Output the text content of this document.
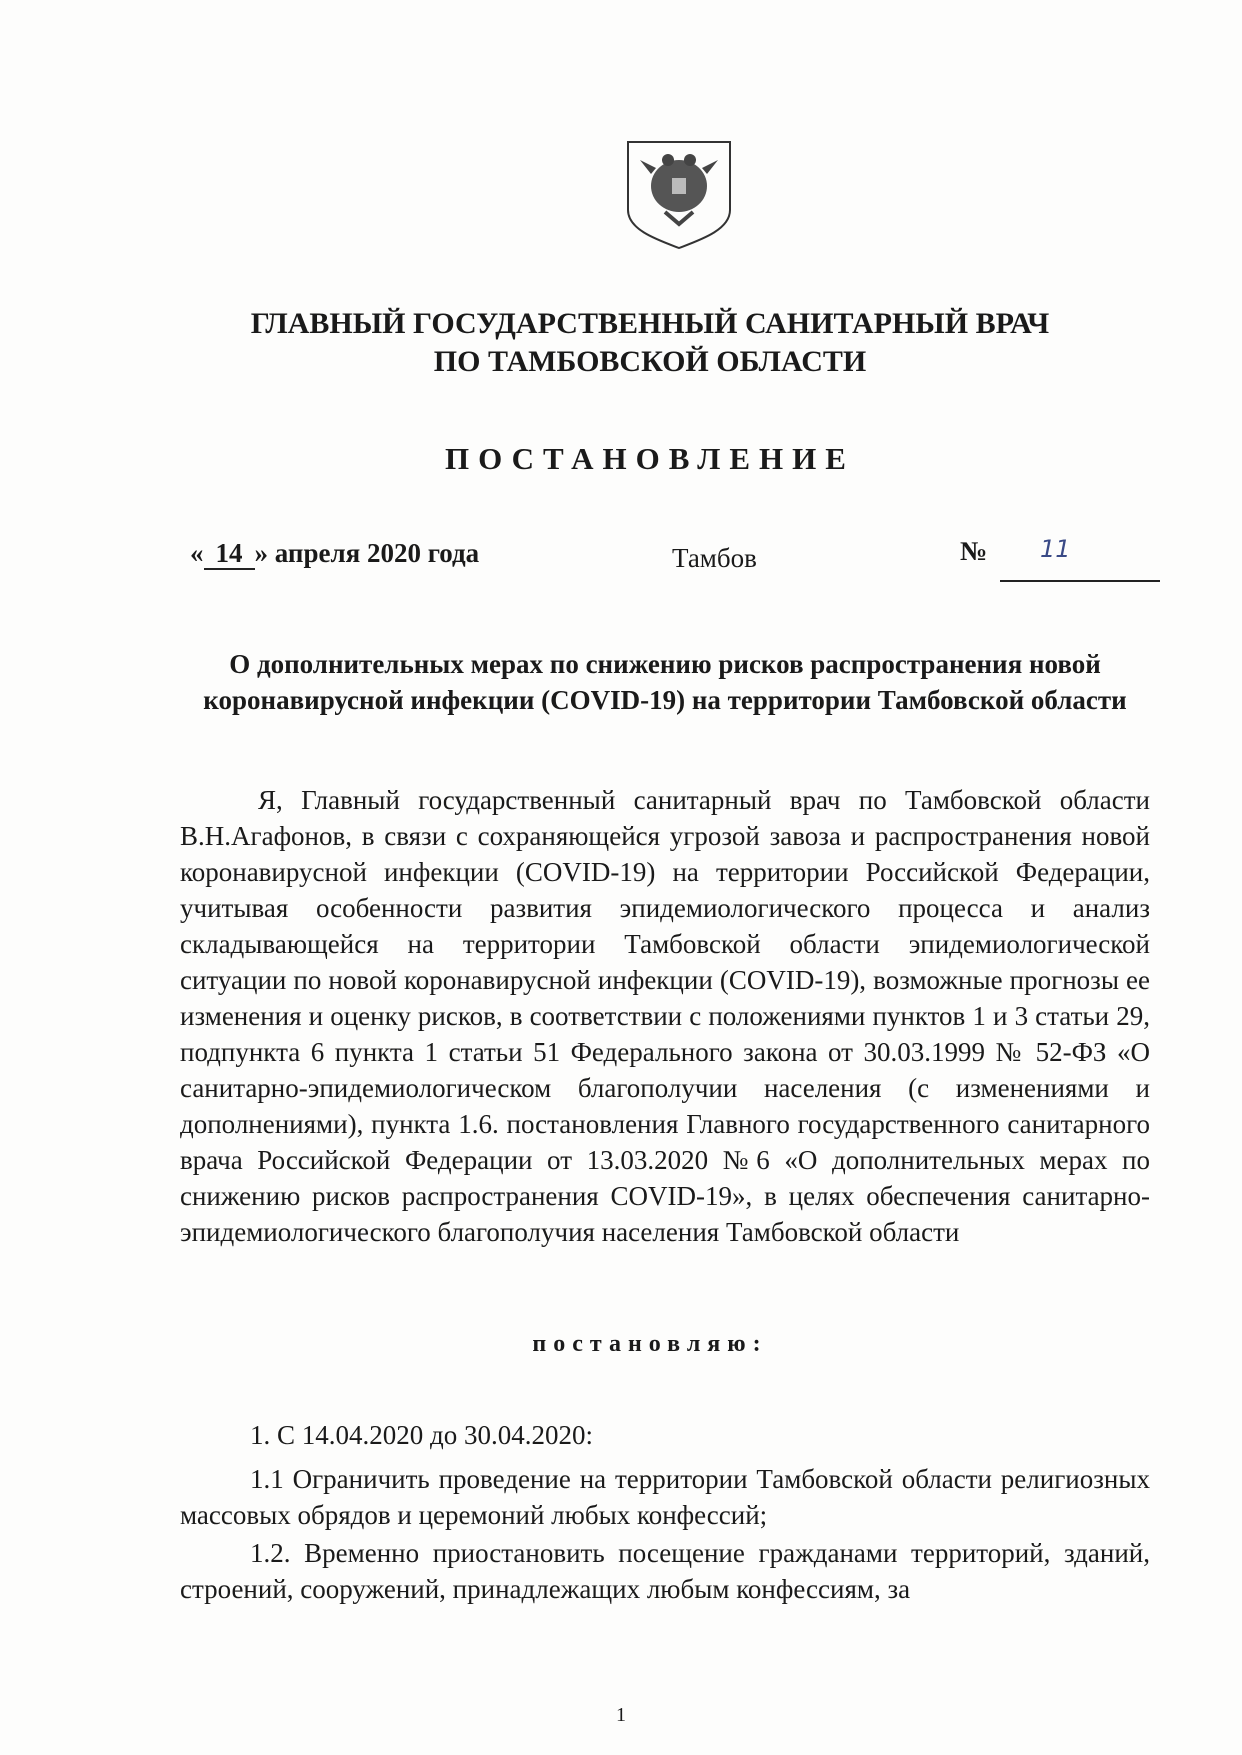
ГЛАВНЫЙ ГОСУДАРСТВЕННЫЙ САНИТАРНЫЙ ВРАЧ
ПО ТАМБОВСКОЙ ОБЛАСТИ
ПОСТАНОВЛЕНИЕ
« 14 » апреля 2020 года	Тамбов	№	11
О дополнительных мерах по снижению рисков распространения новой коронавирусной инфекции (COVID-19) на территории Тамбовской области
Я, Главный государственный санитарный врач по Тамбовской области В.Н.Агафонов, в связи с сохраняющейся угрозой завоза и распространения новой коронавирусной инфекции (COVID-19) на территории Российской Федерации, учитывая особенности развития эпидемиологического процесса и анализ складывающейся на территории Тамбовской области эпидемиологической ситуации по новой коронавирусной инфекции (COVID-19), возможные прогнозы ее изменения и оценку рисков, в соответствии с положениями пунктов 1 и 3 статьи 29, подпункта 6 пункта 1 статьи 51 Федерального закона от 30.03.1999 № 52-ФЗ «О санитарно-эпидемиологическом благополучии населения (с изменениями и дополнениями), пункта 1.6. постановления Главного государственного санитарного врача Российской Федерации от 13.03.2020 №6 «О дополнительных мерах по снижению рисков распространения COVID-19», в целях обеспечения санитарно-эпидемиологического благополучия населения Тамбовской области
постановляю:
1. С 14.04.2020 до 30.04.2020:
1.1 Ограничить проведение на территории Тамбовской области религиозных массовых обрядов и церемоний любых конфессий;
1.2. Временно приостановить посещение гражданами территорий, зданий, строений, сооружений, принадлежащих любым конфессиям, за
1
